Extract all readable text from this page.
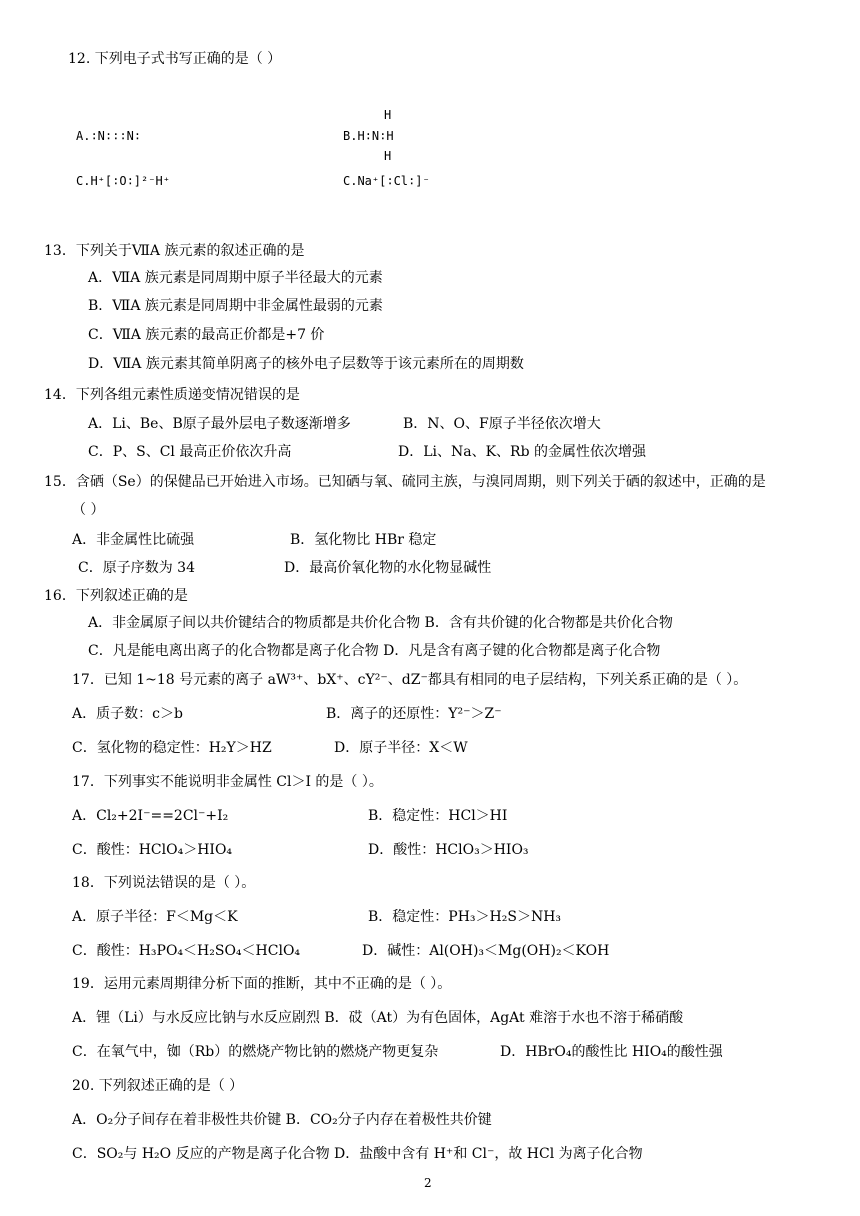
12. 下列电子式书写正确的是（ ）
A.∶N∶∶∶N∶
H
B.H∶N∶H
H
C.H⁺[∶O∶]²⁻H⁺	C.Na⁺[∶Cl∶]⁻
13．下列关于ⅦA 族元素的叙述正确的是
A．ⅦA 族元素是同周期中原子半径最大的元素
B．ⅦA 族元素是同周期中非金属性最弱的元素
C．ⅦA 族元素的最高正价都是+7 价
D．ⅦA 族元素其简单阴离子的核外电子层数等于该元素所在的周期数
14．下列各组元素性质递变情况错误的是
A．Li、Be、B原子最外层电子数逐渐增多	B．N、O、F原子半径依次增大
C．P、S、Cl 最高正价依次升高	D．Li、Na、K、Rb 的金属性依次增强
15．含硒（Se）的保健品已开始进入市场。已知硒与氧、硫同主族，与溴同周期，则下列关于硒的叙述中，正确的是
（ ）
A．非金属性比硫强	B．氢化物比 HBr 稳定
C．原子序数为 34	D．最高价氧化物的水化物显碱性
16．下列叙述正确的是
A．非金属原子间以共价键结合的物质都是共价化合物 B．含有共价键的化合物都是共价化合物
C．凡是能电离出离子的化合物都是离子化合物 D．凡是含有离子键的化合物都是离子化合物
17．已知 1~18 号元素的离子 aW³⁺、bX⁺、cY²⁻、dZ⁻都具有相同的电子层结构，下列关系正确的是（ ）。
A．质子数：c＞b	B．离子的还原性：Y²⁻＞Z⁻
C．氢化物的稳定性：H₂Y＞HZ	D．原子半径：X＜W
17．下列事实不能说明非金属性 Cl＞I 的是（ ）。
A．Cl₂+2I⁻==2Cl⁻+I₂	B．稳定性：HCl＞HI
C．酸性：HClO₄＞HIO₄	D．酸性：HClO₃＞HIO₃
18．下列说法错误的是（ ）。
A．原子半径：F＜Mg＜K	B．稳定性：PH₃＞H₂S＞NH₃
C．酸性：H₃PO₄＜H₂SO₄＜HClO₄	D．碱性：Al(OH)₃＜Mg(OH)₂＜KOH
19．运用元素周期律分析下面的推断，其中不正确的是（ ）。
A．锂（Li）与水反应比钠与水反应剧烈 B．砹（At）为有色固体，AgAt 难溶于水也不溶于稀硝酸
C．在氧气中，铷（Rb）的燃烧产物比钠的燃烧产物更复杂	D．HBrO₄的酸性比 HIO₄的酸性强
20. 下列叙述正确的是（ ）
A．O₂分子间存在着非极性共价键 B．CO₂分子内存在着极性共价键
C．SO₂与 H₂O 反应的产物是离子化合物 D．盐酸中含有 H⁺和 Cl⁻，故 HCl 为离子化合物
2
